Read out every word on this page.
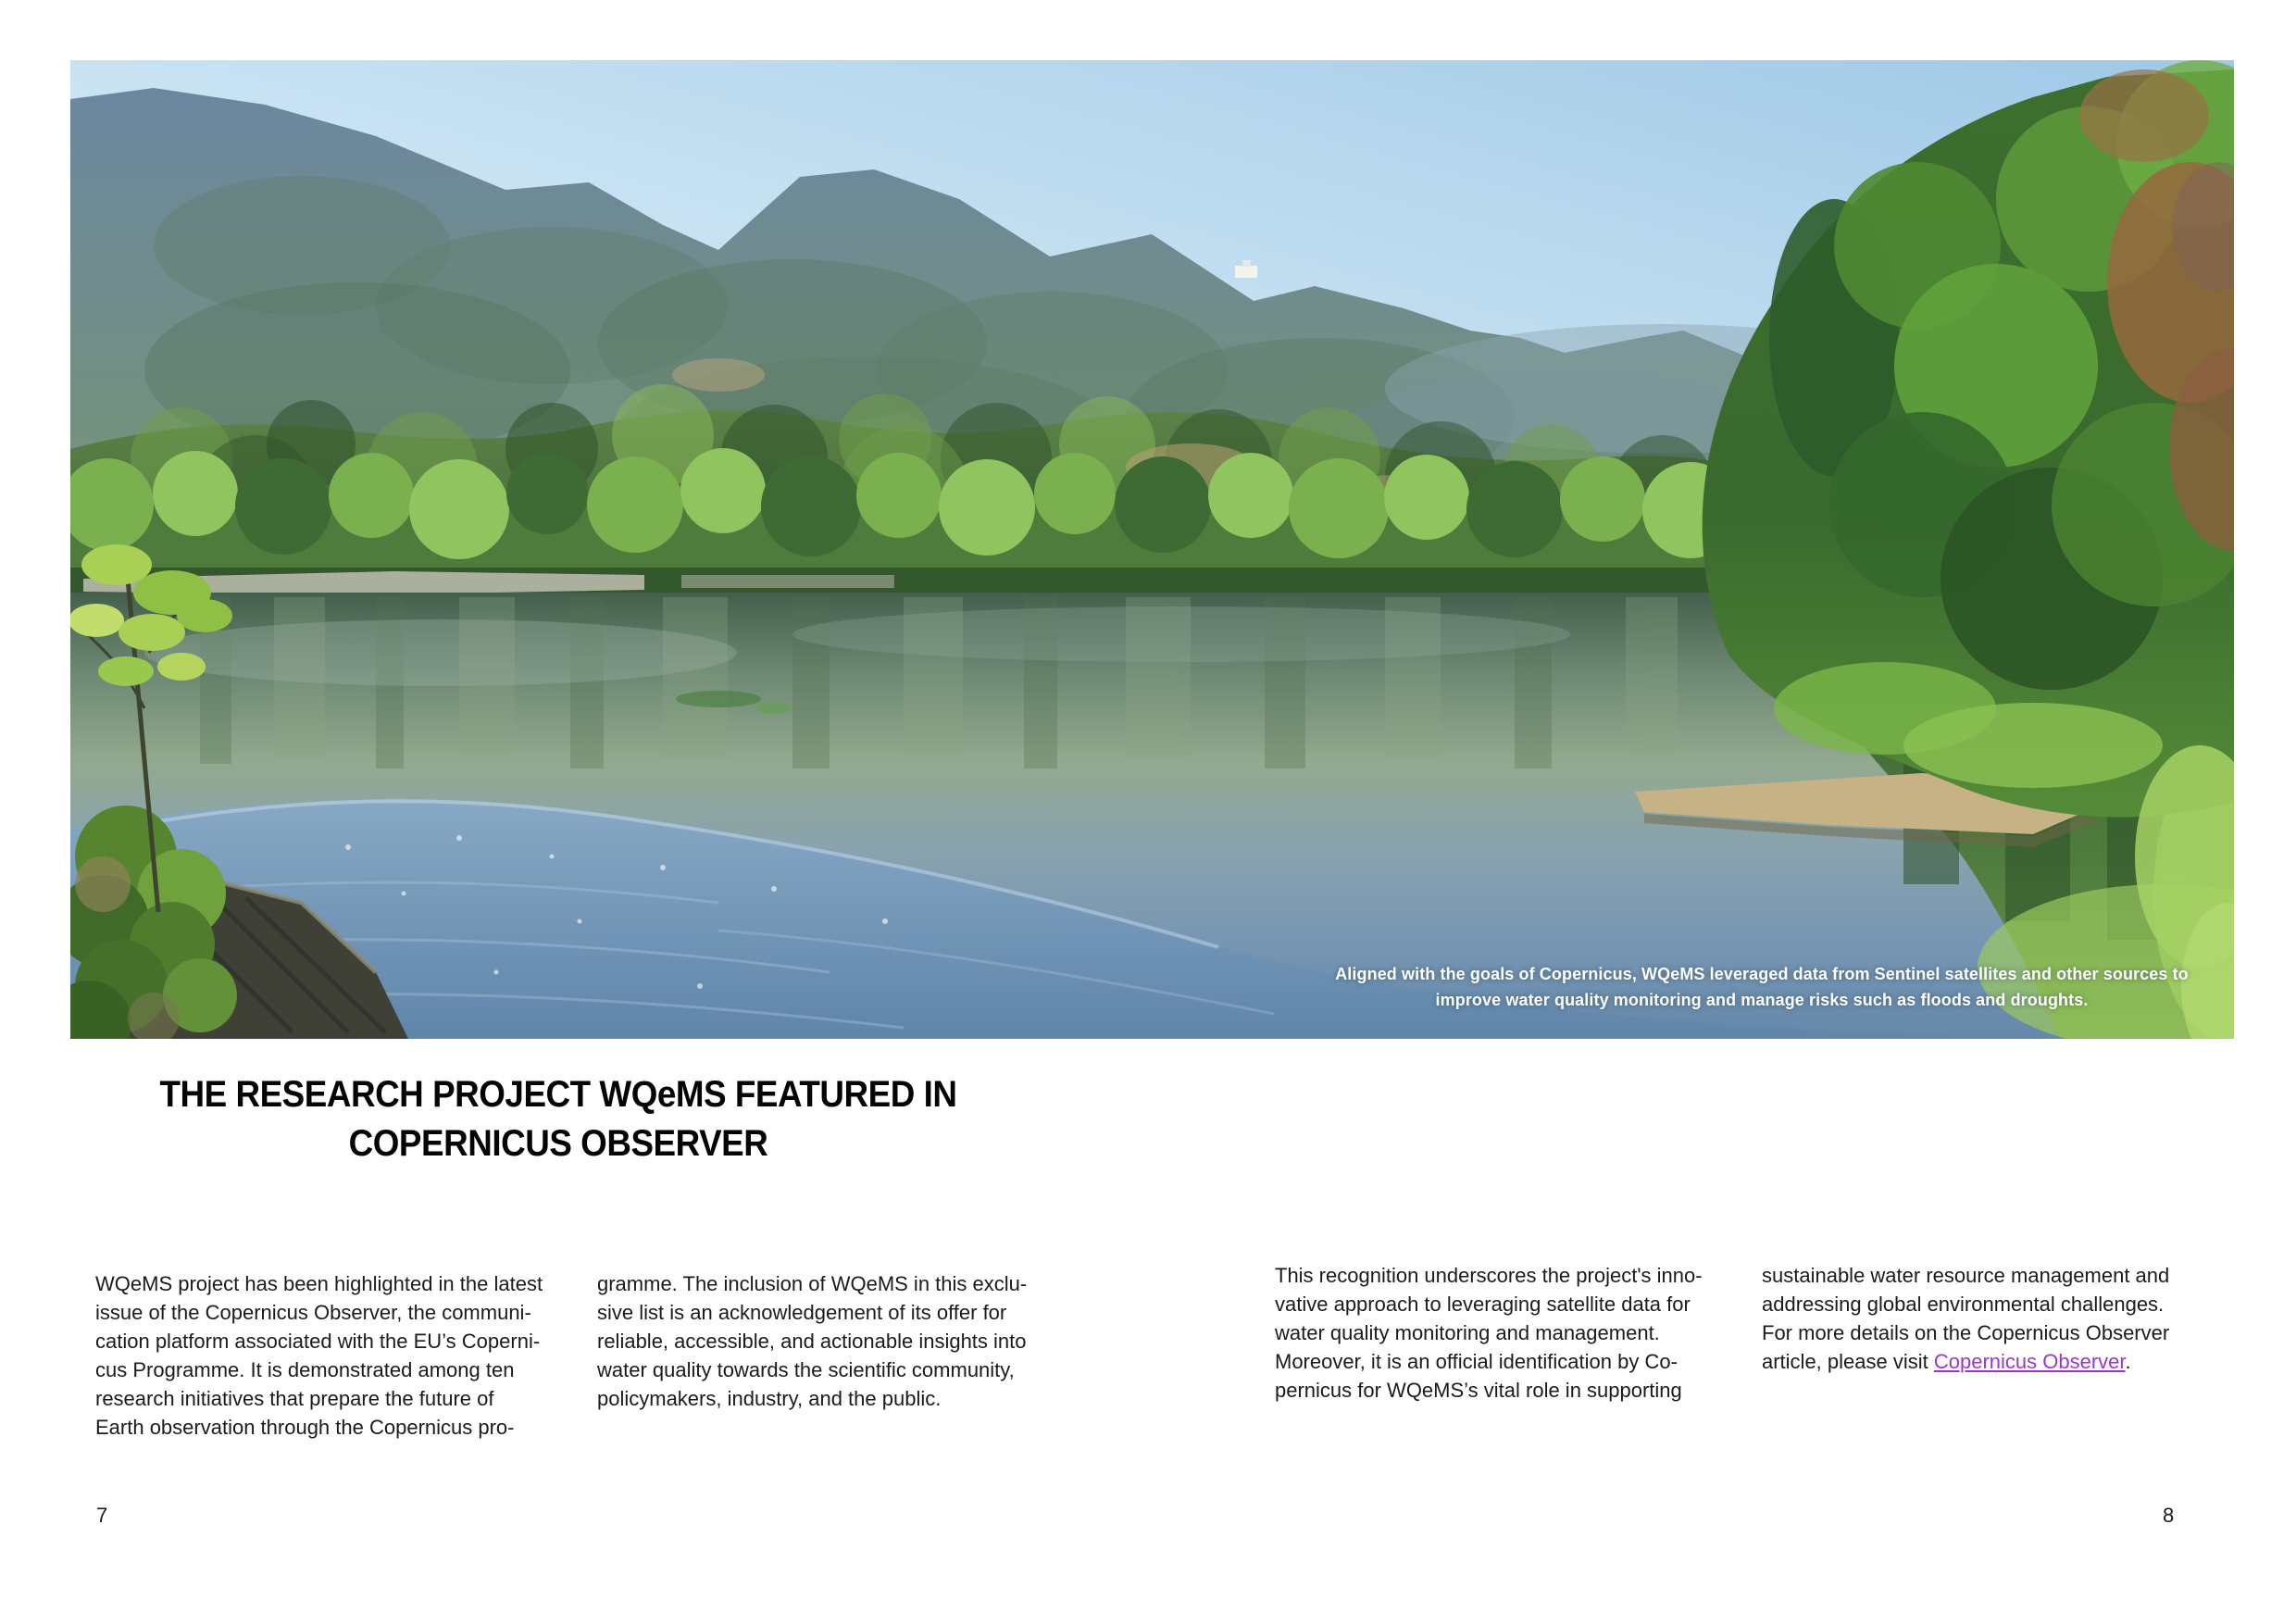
Aligned with the goals of Copernicus, WQeMS leveraged data from Sentinel satellites and other sources to
improve water quality monitoring and manage risks such as floods and droughts.
THE RESEARCH PROJECT WQeMS FEATURED IN
COPERNICUS OBSERVER
WQeMS project has been highlighted in the latest
issue of the Copernicus Observer, the communi-
cation platform associated with the EU’s Coperni-
cus Programme. It is demonstrated among ten
research initiatives that prepare the future of
Earth observation through the Copernicus pro-
gramme. The inclusion of WQeMS in this exclu-
sive list is an acknowledgement of its offer for
reliable, accessible, and actionable insights into
water quality towards the scientific community,
policymakers, industry, and the public.
This recognition underscores the project's inno-
vative approach to leveraging satellite data for
water quality monitoring and management.
Moreover, it is an official identification by Co-
pernicus for WQeMS’s vital role in supporting
sustainable water resource management and
addressing global environmental challenges.
For more details on the Copernicus Observer
article, please visit Copernicus Observer.
7	8
